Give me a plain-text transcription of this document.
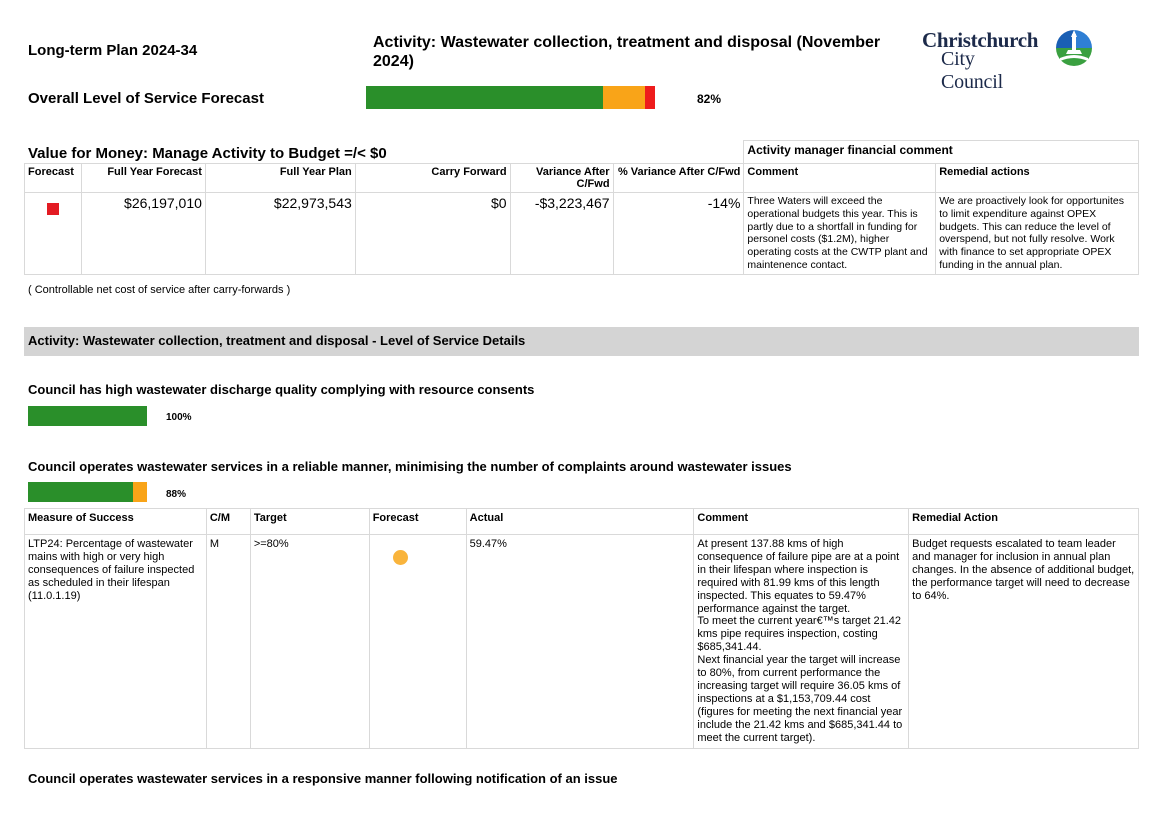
Long-term Plan 2024-34	Activity: Wastewater collection, treatment and disposal (November 2024)
Christchurch
City Council
Overall Level of Service Forecast	82%
						Activity manager financial comment	
Forecast	Full Year Forecast	Full Year Plan	Carry Forward	Variance After C/Fwd	% Variance After C/Fwd	Comment	Remedial actions
	$26,197,010	$22,973,543	$0	-$3,223,467	-14%	Three Waters will exceed the operational budgets this year. This is partly due to a shortfall in funding for personel costs ($1.2M), higher operating costs at the CWTP plant and maintenence contact.	We are proactively look for opportunites to limit expenditure against OPEX budgets. This can reduce the level of overspend, but not fully resolve. Work with finance to set appropriate OPEX funding in the annual plan.
Value for Money: Manage Activity to Budget =/< $0
( Controllable net cost of service after carry-forwards )
Activity: Wastewater collection, treatment and disposal - Level of Service Details
Council has high wastewater discharge quality complying with resource consents
100%
Council operates wastewater services in a reliable manner, minimising the number of complaints around wastewater issues
88%
Measure of Success	C/M	Target	Forecast	Actual	Comment	Remedial Action
LTP24: Percentage of wastewater mains with high or very high consequences of failure inspected as scheduled in their lifespan (11.0.1.19)	M	>=80%		59.47%	At present 137.88 kms of high consequence of failure pipe are at a point in their lifespan where inspection is required with 81.99 kms of this length inspected. This equates to 59.47% performance against the target.
To meet the current year€™s target 21.42 kms pipe requires inspection, costing $685,341.44.
Next financial year the target will increase to 80%, from current performance the increasing target will require 36.05 kms of inspections at a $1,153,709.44 cost (figures for meeting the next financial year include the 21.42 kms and $685,341.44 to meet the current target).	Budget requests escalated to team leader and manager for inclusion in annual plan changes. In the absence of additional budget, the performance target will need to decrease to 64%.
Council operates wastewater services in a responsive manner following notification of an issue
